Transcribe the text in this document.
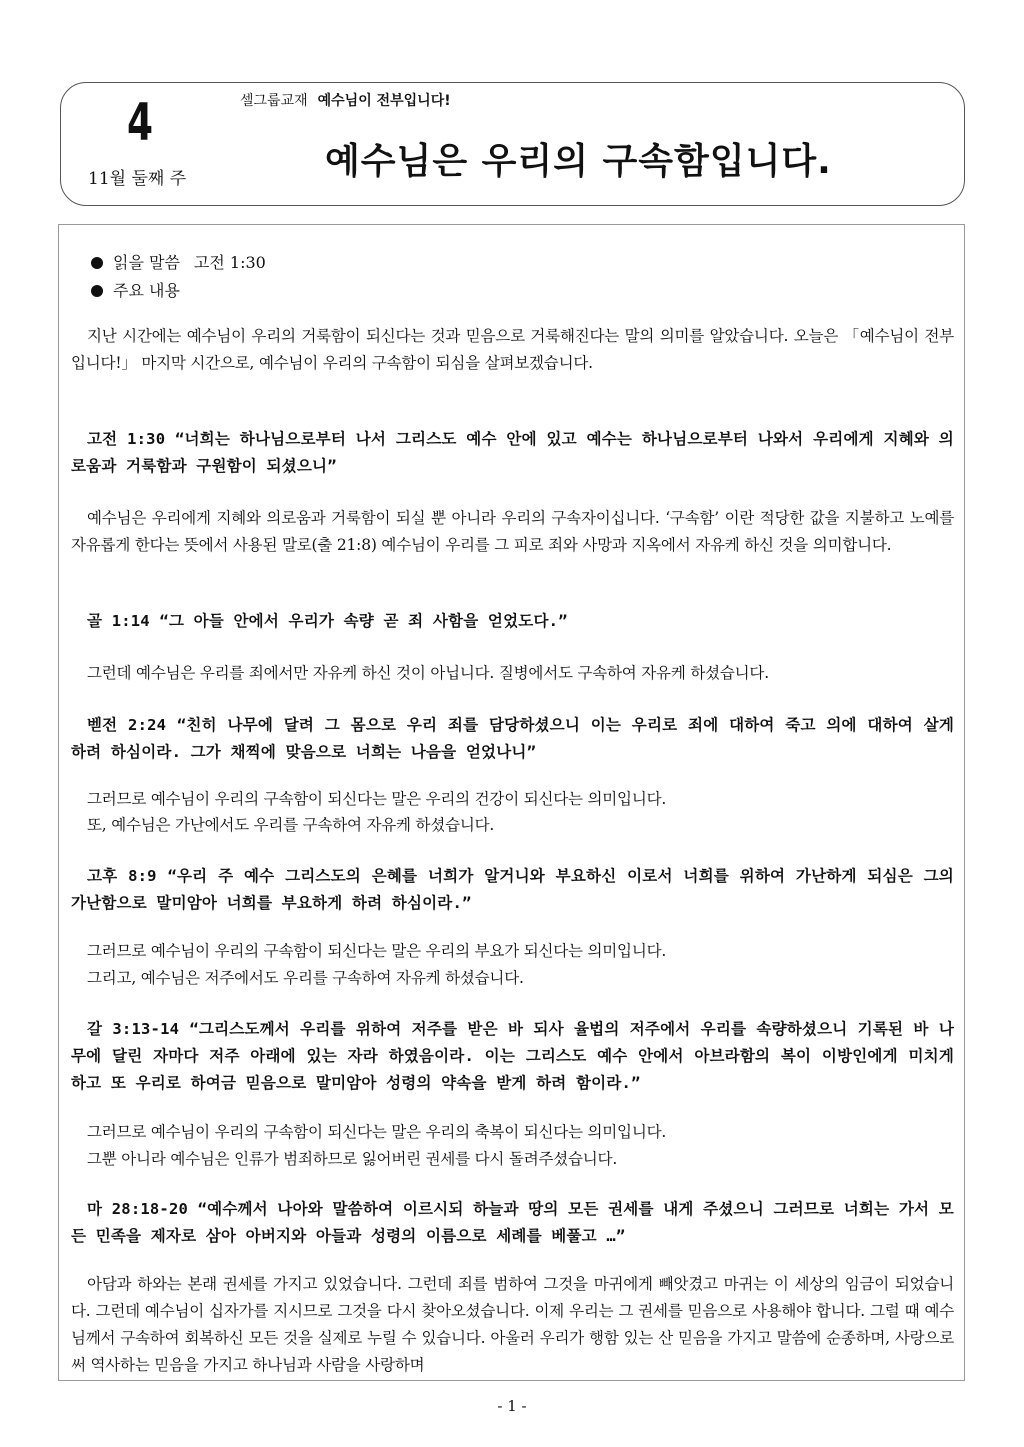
4
11월 둘째 주
셀그룹교재 예수님이 전부입니다!
예수님은 우리의 구속함입니다.
읽을 말씀 고전 1:30
주요 내용
지난 시간에는 예수님이 우리의 거룩함이 되신다는 것과 믿음으로 거룩해진다는 말의 의미를 알았습니다. 오늘은 「예수님이 전부입니다!」 마지막 시간으로, 예수님이 우리의 구속함이 되심을 살펴보겠습니다.
고전 1:30 “너희는 하나님으로부터 나서 그리스도 예수 안에 있고 예수는 하나님으로부터 나와서 우리에게 지혜와 의로움과 거룩함과 구원함이 되셨으니”
예수님은 우리에게 지혜와 의로움과 거룩함이 되실 뿐 아니라 우리의 구속자이십니다. ‘구속함’ 이란 적당한 값을 지불하고 노예를 자유롭게 한다는 뜻에서 사용된 말로(출 21:8) 예수님이 우리를 그 피로 죄와 사망과 지옥에서 자유케 하신 것을 의미합니다.
골 1:14 “그 아들 안에서 우리가 속량 곧 죄 사함을 얻었도다.”
그런데 예수님은 우리를 죄에서만 자유케 하신 것이 아닙니다. 질병에서도 구속하여 자유케 하셨습니다.
벧전 2:24 “친히 나무에 달려 그 몸으로 우리 죄를 담당하셨으니 이는 우리로 죄에 대하여 죽고 의에 대하여 살게 하려 하심이라. 그가 채찍에 맞음으로 너희는 나음을 얻었나니”
그러므로 예수님이 우리의 구속함이 되신다는 말은 우리의 건강이 되신다는 의미입니다.
또, 예수님은 가난에서도 우리를 구속하여 자유케 하셨습니다.
고후 8:9 “우리 주 예수 그리스도의 은혜를 너희가 알거니와 부요하신 이로서 너희를 위하여 가난하게 되심은 그의 가난함으로 말미암아 너희를 부요하게 하려 하심이라.”
그러므로 예수님이 우리의 구속함이 되신다는 말은 우리의 부요가 되신다는 의미입니다.
그리고, 예수님은 저주에서도 우리를 구속하여 자유케 하셨습니다.
갈 3:13-14 “그리스도께서 우리를 위하여 저주를 받은 바 되사 율법의 저주에서 우리를 속량하셨으니 기록된 바 나무에 달린 자마다 저주 아래에 있는 자라 하였음이라. 이는 그리스도 예수 안에서 아브라함의 복이 이방인에게 미치게 하고 또 우리로 하여금 믿음으로 말미암아 성령의 약속을 받게 하려 함이라.”
그러므로 예수님이 우리의 구속함이 되신다는 말은 우리의 축복이 되신다는 의미입니다.
그뿐 아니라 예수님은 인류가 범죄하므로 잃어버린 권세를 다시 돌려주셨습니다.
마 28:18-20 “예수께서 나아와 말씀하여 이르시되 하늘과 땅의 모든 권세를 내게 주셨으니 그러므로 너희는 가서 모든 민족을 제자로 삼아 아버지와 아들과 성령의 이름으로 세례를 베풀고 …”
아담과 하와는 본래 권세를 가지고 있었습니다. 그런데 죄를 범하여 그것을 마귀에게 빼앗겼고 마귀는 이 세상의 임금이 되었습니다. 그런데 예수님이 십자가를 지시므로 그것을 다시 찾아오셨습니다. 이제 우리는 그 권세를 믿음으로 사용해야 합니다. 그럴 때 예수님께서 구속하여 회복하신 모든 것을 실제로 누릴 수 있습니다. 아울러 우리가 행함 있는 산 믿음을 가지고 말씀에 순종하며, 사랑으로써 역사하는 믿음을 가지고 하나님과 사람을 사랑하며
- 1 -
